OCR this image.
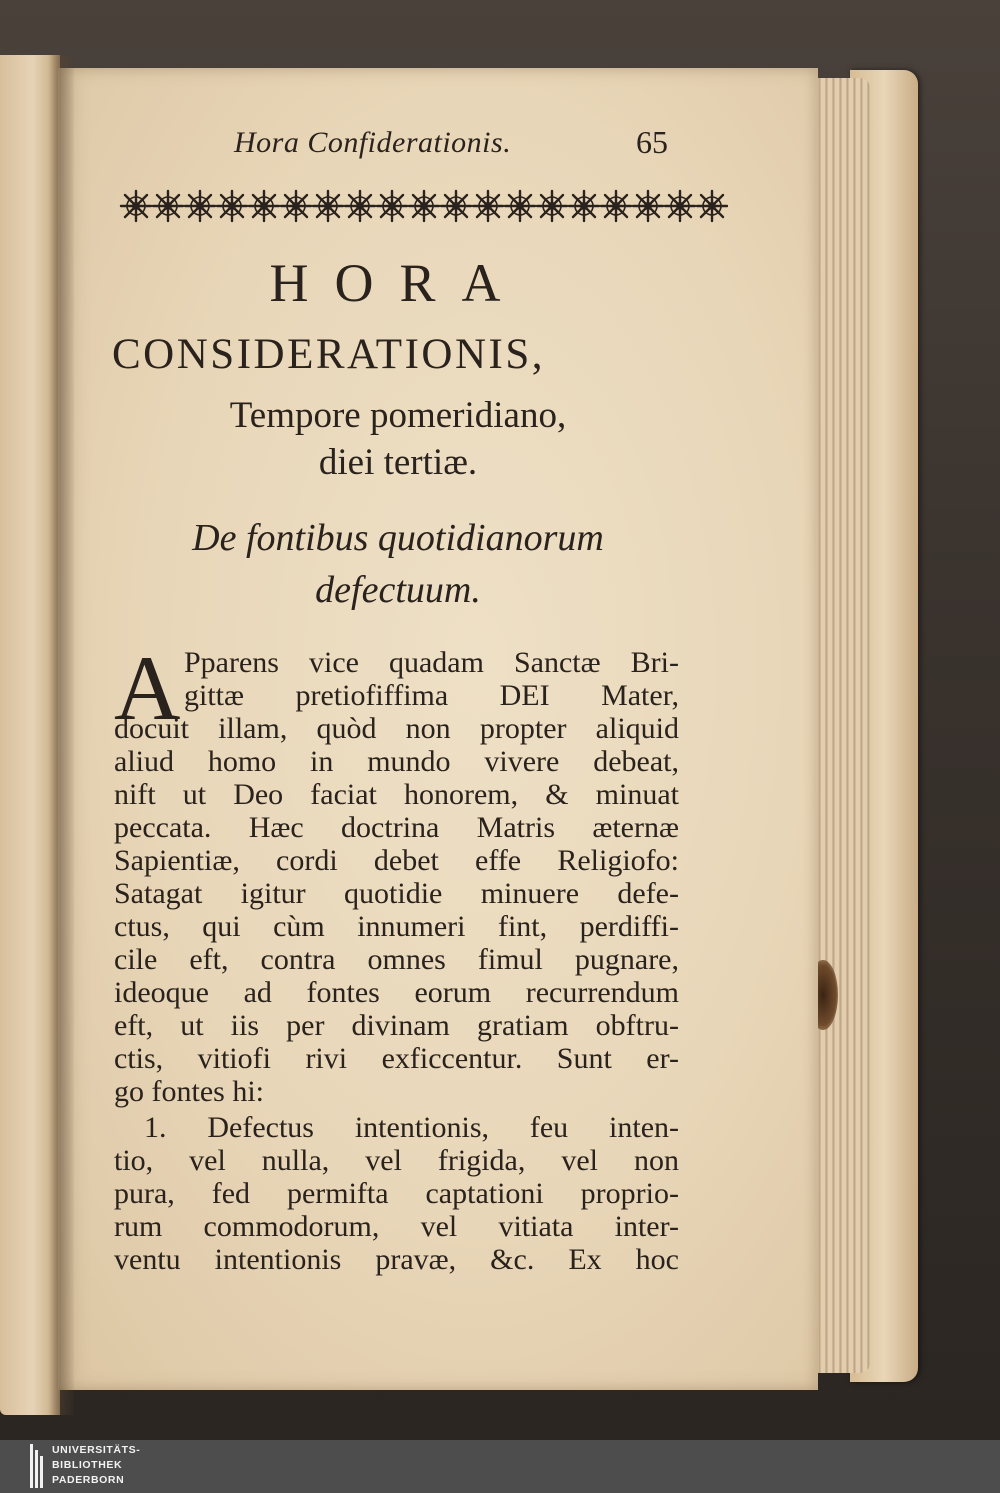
Hora Confiderationis.	65
HORA
CONSIDERATIONIS,
Tempore pomeridiano,
diei tertiæ.
De fontibus quotidianorum
defectuum.
A Pparens vice quadam Sanctæ Bri-
gittæ pretiofiffima DEI Mater,
docuit illam, quòd non propter aliquid
aliud homo in mundo vivere debeat,
nift ut Deo faciat honorem, & minuat
peccata. Hæc doctrina Matris æternæ
Sapientiæ, cordi debet effe Religiofo:
Satagat igitur quotidie minuere defe-
ctus, qui cùm innumeri fint, perdiffi-
cile eft, contra omnes fimul pugnare,
ideoque ad fontes eorum recurrendum
eft, ut iis per divinam gratiam obftru-
ctis, vitiofi rivi exficcentur. Sunt er-
go fontes hi:
1. Defectus intentionis, feu inten-
tio, vel nulla, vel frigida, vel non
pura, fed permifta captationi proprio-
rum commodorum, vel vitiata inter-
ventu intentionis pravæ, &c. Ex hoc
UNIVERSITÄTS-
BIBLIOTHEK
PADERBORN
